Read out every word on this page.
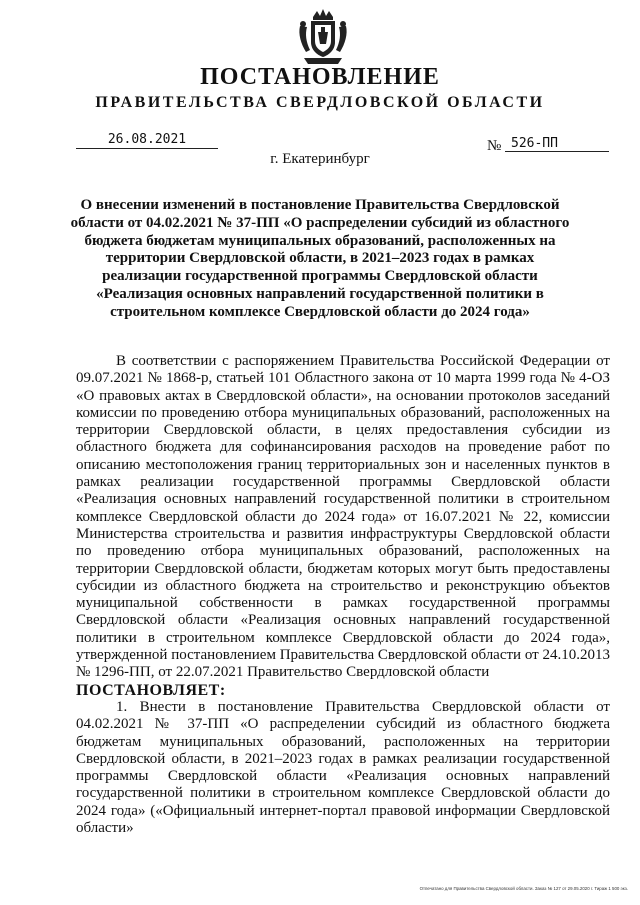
ПОСТАНОВЛЕНИЕ
ПРАВИТЕЛЬСТВА СВЕРДЛОВСКОЙ ОБЛАСТИ
26.08.2021	№ 526-ПП
г. Екатеринбург
О внесении изменений в постановление Правительства Свердловской области от 04.02.2021 № 37-ПП «О распределении субсидий из областного бюджета бюджетам муниципальных образований, расположенных на территории Свердловской области, в 2021–2023 годах в рамках реализации государственной программы Свердловской области «Реализация основных направлений государственной политики в строительном комплексе Свердловской области до 2024 года»

В соответствии с распоряжением Правительства Российской Федерации от 09.07.2021 № 1868-р, статьей 101 Областного закона от 10 марта 1999 года № 4-ОЗ «О правовых актах в Свердловской области», на основании протоколов заседаний комиссии по проведению отбора муниципальных образований, расположенных на территории Свердловской области, в целях предоставления субсидии из областного бюджета для софинансирования расходов на проведение работ по описанию местоположения границ территориальных зон и населенных пунктов в рамках реализации государственной программы Свердловской области «Реализация основных направлений государственной политики в строительном комплексе Свердловской области до 2024 года» от 16.07.2021 № 22, комиссии Министерства строительства и развития инфраструктуры Свердловской области по проведению отбора муниципальных образований, расположенных на территории Свердловской области, бюджетам которых могут быть предоставлены субсидии из областного бюджета на строительство и реконструкцию объектов муниципальной собственности в рамках государственной программы Свердловской области «Реализация основных направлений государственной политики в строительном комплексе Свердловской области до 2024 года», утвержденной постановлением Правительства Свердловской области от 24.10.2013 № 1296-ПП, от 22.07.2021 Правительство Свердловской области

ПОСТАНОВЛЯЕТ:

1. Внести в постановление Правительства Свердловской области от 04.02.2021 № 37-ПП «О распределении субсидий из областного бюджета бюджетам муниципальных образований, расположенных на территории Свердловской области, в 2021–2023 годах в рамках реализации государственной программы Свердловской области «Реализация основных направлений государственной политики в строительном комплексе Свердловской области до 2024 года» («Официальный интернет-портал правовой информации Свердловской области»

Отпечатано для Правительства Свердловской области. Заказ № 127 от 29.05.2020 г. Тираж 1 500 экз.
